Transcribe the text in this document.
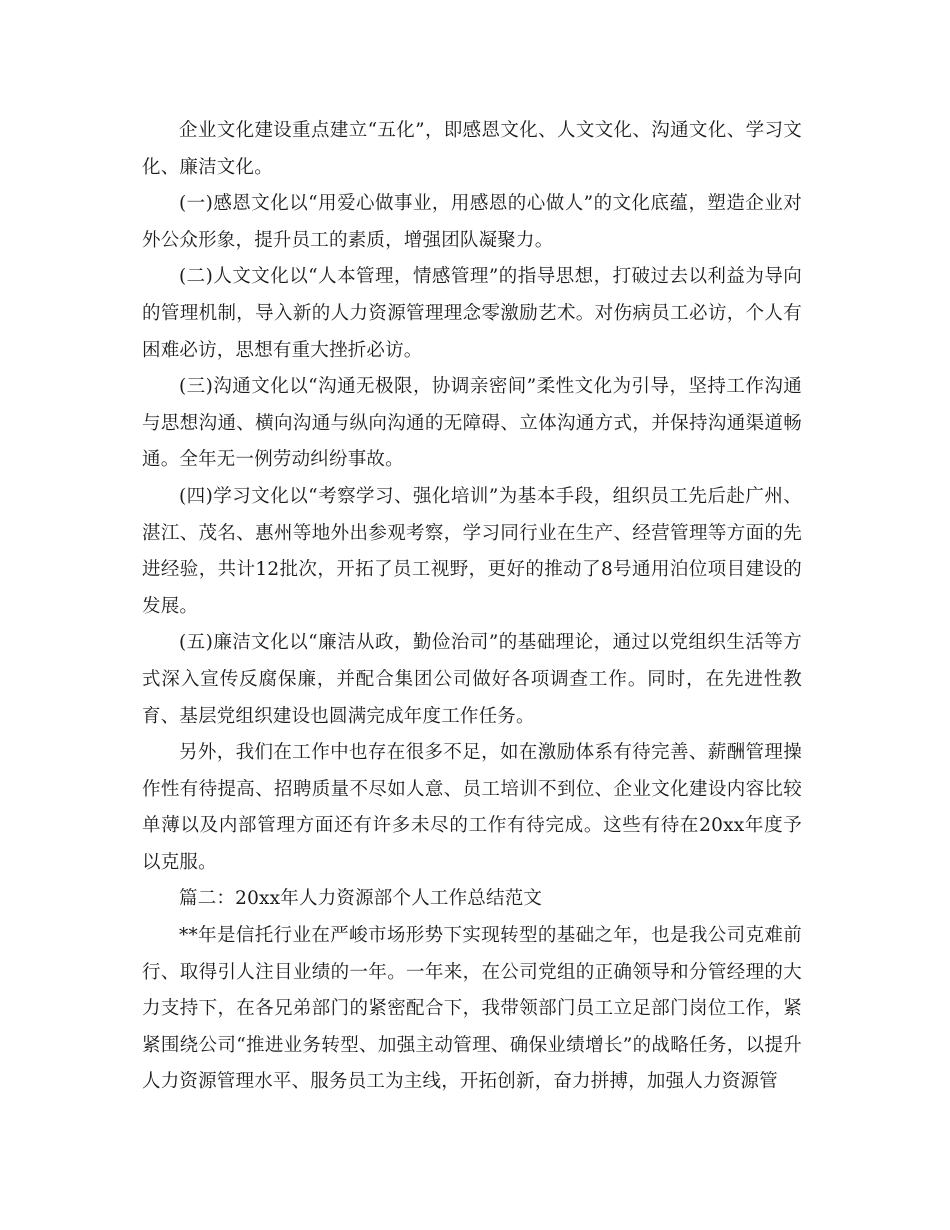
企业文化建设重点建立“五化”，即感恩文化、人文文化、沟通文化、学习文化、廉洁文化。

(一)感恩文化以“用爱心做事业，用感恩的心做人”的文化底蕴，塑造企业对外公众形象，提升员工的素质，增强团队凝聚力。

(二)人文文化以“人本管理，情感管理”的指导思想，打破过去以利益为导向的管理机制，导入新的人力资源管理理念零激励艺术。对伤病员工必访，个人有困难必访，思想有重大挫折必访。

(三)沟通文化以“沟通无极限，协调亲密间”柔性文化为引导，坚持工作沟通与思想沟通、横向沟通与纵向沟通的无障碍、立体沟通方式，并保持沟通渠道畅通。全年无一例劳动纠纷事故。

(四)学习文化以“考察学习、强化培训”为基本手段，组织员工先后赴广州、湛江、茂名、惠州等地外出参观考察，学习同行业在生产、经营管理等方面的先进经验，共计12批次，开拓了员工视野，更好的推动了8号通用泊位项目建设的发展。

(五)廉洁文化以“廉洁从政，勤俭治司”的基础理论，通过以党组织生活等方式深入宣传反腐保廉，并配合集团公司做好各项调查工作。同时，在先进性教育、基层党组织建设也圆满完成年度工作任务。

另外，我们在工作中也存在很多不足，如在激励体系有待完善、薪酬管理操作性有待提高、招聘质量不尽如人意、员工培训不到位、企业文化建设内容比较单薄以及内部管理方面还有许多未尽的工作有待完成。这些有待在20xx年度予以克服。

篇二：20xx年人力资源部个人工作总结范文

**年是信托行业在严峻市场形势下实现转型的基础之年，也是我公司克难前行、取得引人注目业绩的一年。一年来，在公司党组的正确领导和分管经理的大力支持下，在各兄弟部门的紧密配合下，我带领部门员工立足部门岗位工作，紧紧围绕公司“推进业务转型、加强主动管理、确保业绩增长”的战略任务，以提升人力资源管理水平、服务员工为主线，开拓创新，奋力拼搏，加强人力资源管
